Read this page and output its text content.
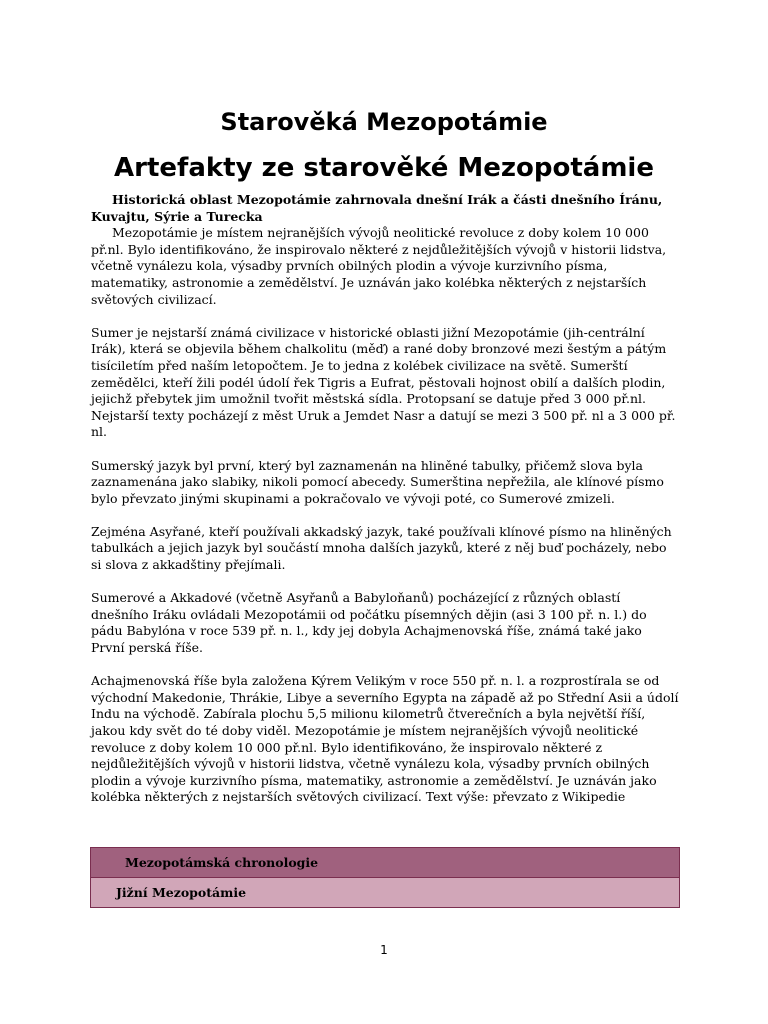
Starověká Mezopotámie
Artefakty ze starověké Mezopotámie

Historická oblast Mezopotámie zahrnovala dnešní Irák a části dnešního Íránu, Kuvajtu, Sýrie a Turecka

Mezopotámie je místem nejranějších vývojů neolitické revoluce z doby kolem 10 000 př.nl. Bylo identifikováno, že inspirovalo některé z nejdůležitějších vývojů v historii lidstva, včetně vynálezu kola, výsadby prvních obilných plodin a vývoje kurzivního písma, matematiky, astronomie a zemědělství. Je uznáván jako kolébka některých z nejstarších světových civilizací.

Sumer je nejstarší známá civilizace v historické oblasti jižní Mezopotámie (jih-centrální Irák), která se objevila během chalkolitu (měď) a rané doby bronzové mezi šestým a pátým tisíciletím před naším letopočtem. Je to jedna z kolébek civilizace na světě. Sumerští zemědělci, kteří žili podél údolí řek Tigris a Eufrat, pěstovali hojnost obilí a dalších plodin, jejichž přebytek jim umožnil tvořit městská sídla. Protopsaní se datuje před 3 000 př.nl. Nejstarší texty pocházejí z měst Uruk a Jemdet Nasr a datují se mezi 3 500 př. nl a 3 000 př. nl.

Sumerský jazyk byl první, který byl zaznamenán na hliněné tabulky, přičemž slova byla zaznamenána jako slabiky, nikoli pomocí abecedy. Sumerština nepřežila, ale klínové písmo bylo převzato jinými skupinami a pokračovalo ve vývoji poté, co Sumerové zmizeli.

Zejména Asyřané, kteří používali akkadský jazyk, také používali klínové písmo na hliněných tabulkách a jejich jazyk byl součástí mnoha dalších jazyků, které z něj buď pocházely, nebo si slova z akkadštiny přejímali.

Sumerové a Akkadové (včetně Asyřanů a Babyloňanů) pocházející z různých oblastí dnešního Iráku ovládali Mezopotámii od počátku písemných dějin (asi 3 100 př. n. l.) do pádu Babylóna v roce 539 př. n. l., kdy jej dobyla Achajmenovská říše, známá také jako První perská říše.

Achajmenovská říše byla založena Kýrem Velikým v roce 550 př. n. l. a rozprostírala se od východní Makedonie, Thrákie, Libye a severního Egypta na západě až po Střední Asii a údolí Indu na východě. Zabírala plochu 5,5 milionu kilometrů čtverečních a byla největší říší, jakou kdy svět do té doby viděl. Mezopotámie je místem nejranějších vývojů neolitické revoluce z doby kolem 10 000 př.nl. Bylo identifikováno, že inspirovalo některé z nejdůležitějších vývojů v historii lidstva, včetně vynálezu kola, výsadby prvních obilných plodin a vývoje kurzivního písma, matematiky, astronomie a zemědělství. Je uznáván jako kolébka některých z nejstarších světových civilizací. Text výše: převzato z Wikipedie

Mezopotámská chronologie
Jižní Mezopotámie
1
